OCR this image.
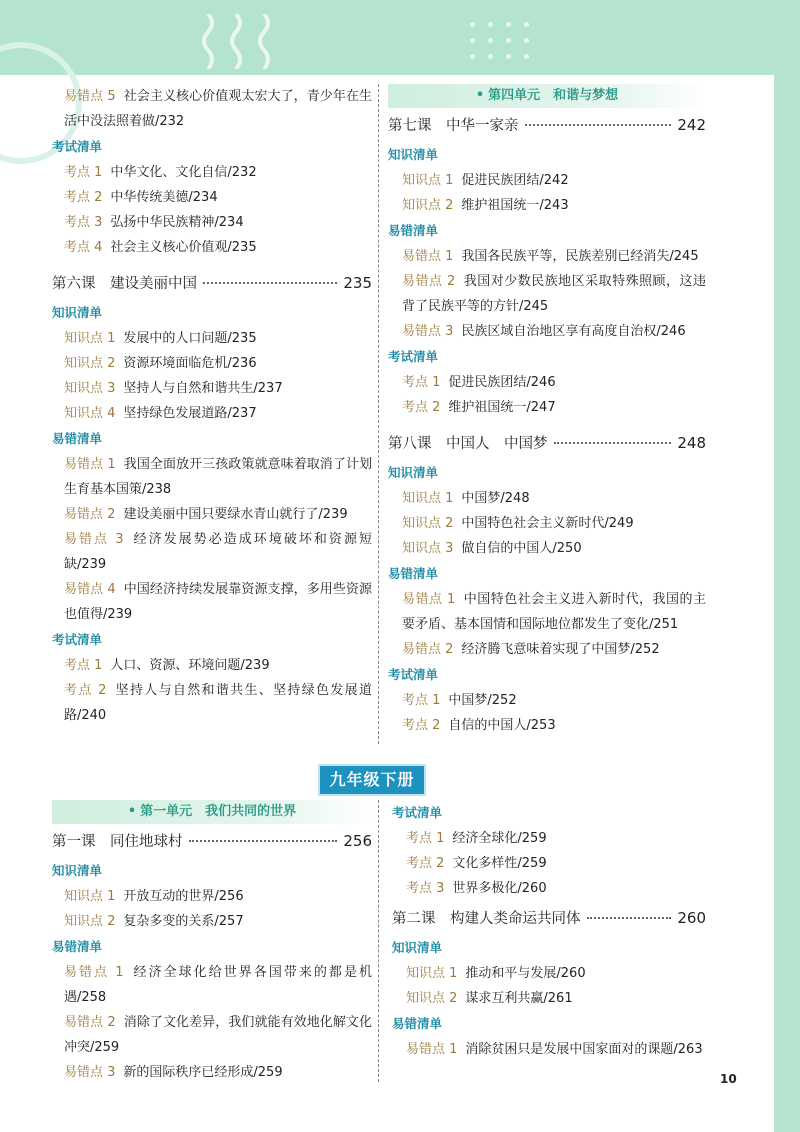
易错点 5 社会主义核心价值观太宏大了，青少年在生活中没法照着做/232
考试清单
考点 1 中华文化、文化自信/232
考点 2 中华传统美德/234
考点 3 弘扬中华民族精神/234
考点 4 社会主义核心价值观/235
第六课　建设美丽中国	235
知识清单
知识点 1 发展中的人口问题/235
知识点 2 资源环境面临危机/236
知识点 3 坚持人与自然和谐共生/237
知识点 4 坚持绿色发展道路/237
易错清单
易错点 1 我国全面放开三孩政策就意味着取消了计划生育基本国策/238
易错点 2 建设美丽中国只要绿水青山就行了/239
易错点 3 经济发展势必造成环境破坏和资源短缺/239
易错点 4 中国经济持续发展靠资源支撑，多用些资源也值得/239
考试清单
考点 1 人口、资源、环境问题/239
考点 2 坚持人与自然和谐共生、坚持绿色发展道路/240
• 第四单元　和谐与梦想
第七课　中华一家亲	242
知识清单
知识点 1 促进民族团结/242
知识点 2 维护祖国统一/243
易错清单
易错点 1 我国各民族平等，民族差别已经消失/245
易错点 2 我国对少数民族地区采取特殊照顾，这违背了民族平等的方针/245
易错点 3 民族区域自治地区享有高度自治权/246
考试清单
考点 1 促进民族团结/246
考点 2 维护祖国统一/247
第八课　中国人　中国梦	248
知识清单
知识点 1 中国梦/248
知识点 2 中国特色社会主义新时代/249
知识点 3 做自信的中国人/250
易错清单
易错点 1 中国特色社会主义进入新时代，我国的主要矛盾、基本国情和国际地位都发生了变化/251
易错点 2 经济腾飞意味着实现了中国梦/252
考试清单
考点 1 中国梦/252
考点 2 自信的中国人/253
九年级下册
• 第一单元　我们共同的世界
第一课　同住地球村	256
知识清单
知识点 1 开放互动的世界/256
知识点 2 复杂多变的关系/257
易错清单
易错点 1 经济全球化给世界各国带来的都是机遇/258
易错点 2 消除了文化差异，我们就能有效地化解文化冲突/259
易错点 3 新的国际秩序已经形成/259
考试清单
考点 1 经济全球化/259
考点 2 文化多样性/259
考点 3 世界多极化/260
第二课　构建人类命运共同体	260
知识清单
知识点 1 推动和平与发展/260
知识点 2 谋求互利共赢/261
易错清单
易错点 1 消除贫困只是发展中国家面对的课题/263
10
